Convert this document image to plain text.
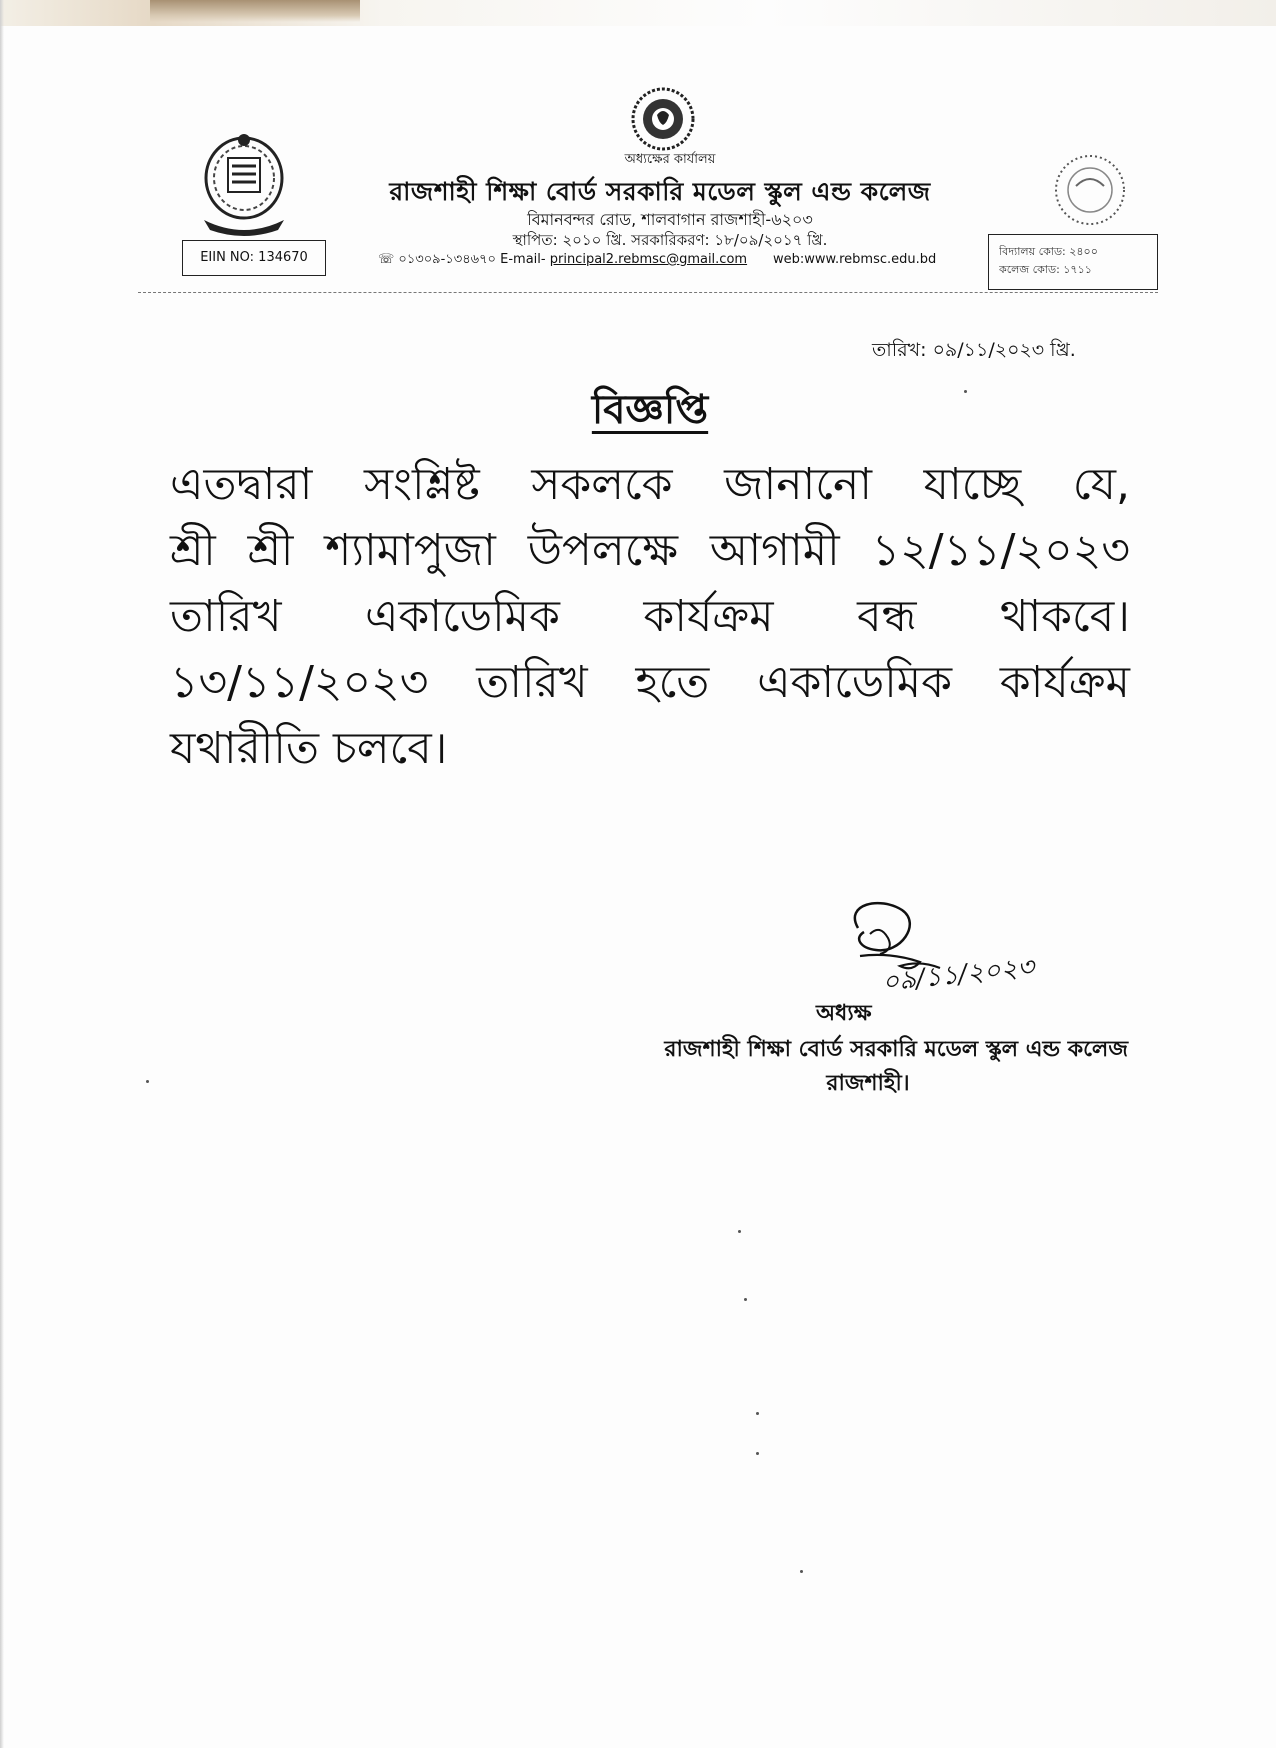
অধ্যক্ষের কার্যালয়
রাজশাহী শিক্ষা বোর্ড সরকারি মডেল স্কুল এন্ড কলেজ
বিমানবন্দর রোড, শালবাগান রাজশাহী-৬২০৩
স্থাপিত: ২০১০ খ্রি. সরকারিকরণ: ১৮/০৯/২০১৭ খ্রি.
☏ ০১৩০৯-১৩৪৬৭০ E-mail- principal2.rebmsc@gmail.com	web:www.rebmsc.edu.bd
EIIN NO: 134670	বিদ্যালয় কোড: ২৪০০
কলেজ কোড: ১৭১১
তারিখ: ০৯/১১/২০২৩ খ্রি.
বিজ্ঞপ্তি
এতদ্বারা সংশ্লিষ্ট সকলকে জানানো যাচ্ছে যে,
শ্রী শ্রী শ্যামাপুজা উপলক্ষে আগামী ১২/১১/২০২৩
তারিখ একাডেমিক কার্যক্রম বন্ধ থাকবে।
১৩/১১/২০২৩ তারিখ হতে একাডেমিক কার্যক্রম
যথারীতি চলবে।
০৯/১১/২০২৩
অধ্যক্ষ
রাজশাহী শিক্ষা বোর্ড সরকারি মডেল স্কুল এন্ড কলেজ
রাজশাহী।
